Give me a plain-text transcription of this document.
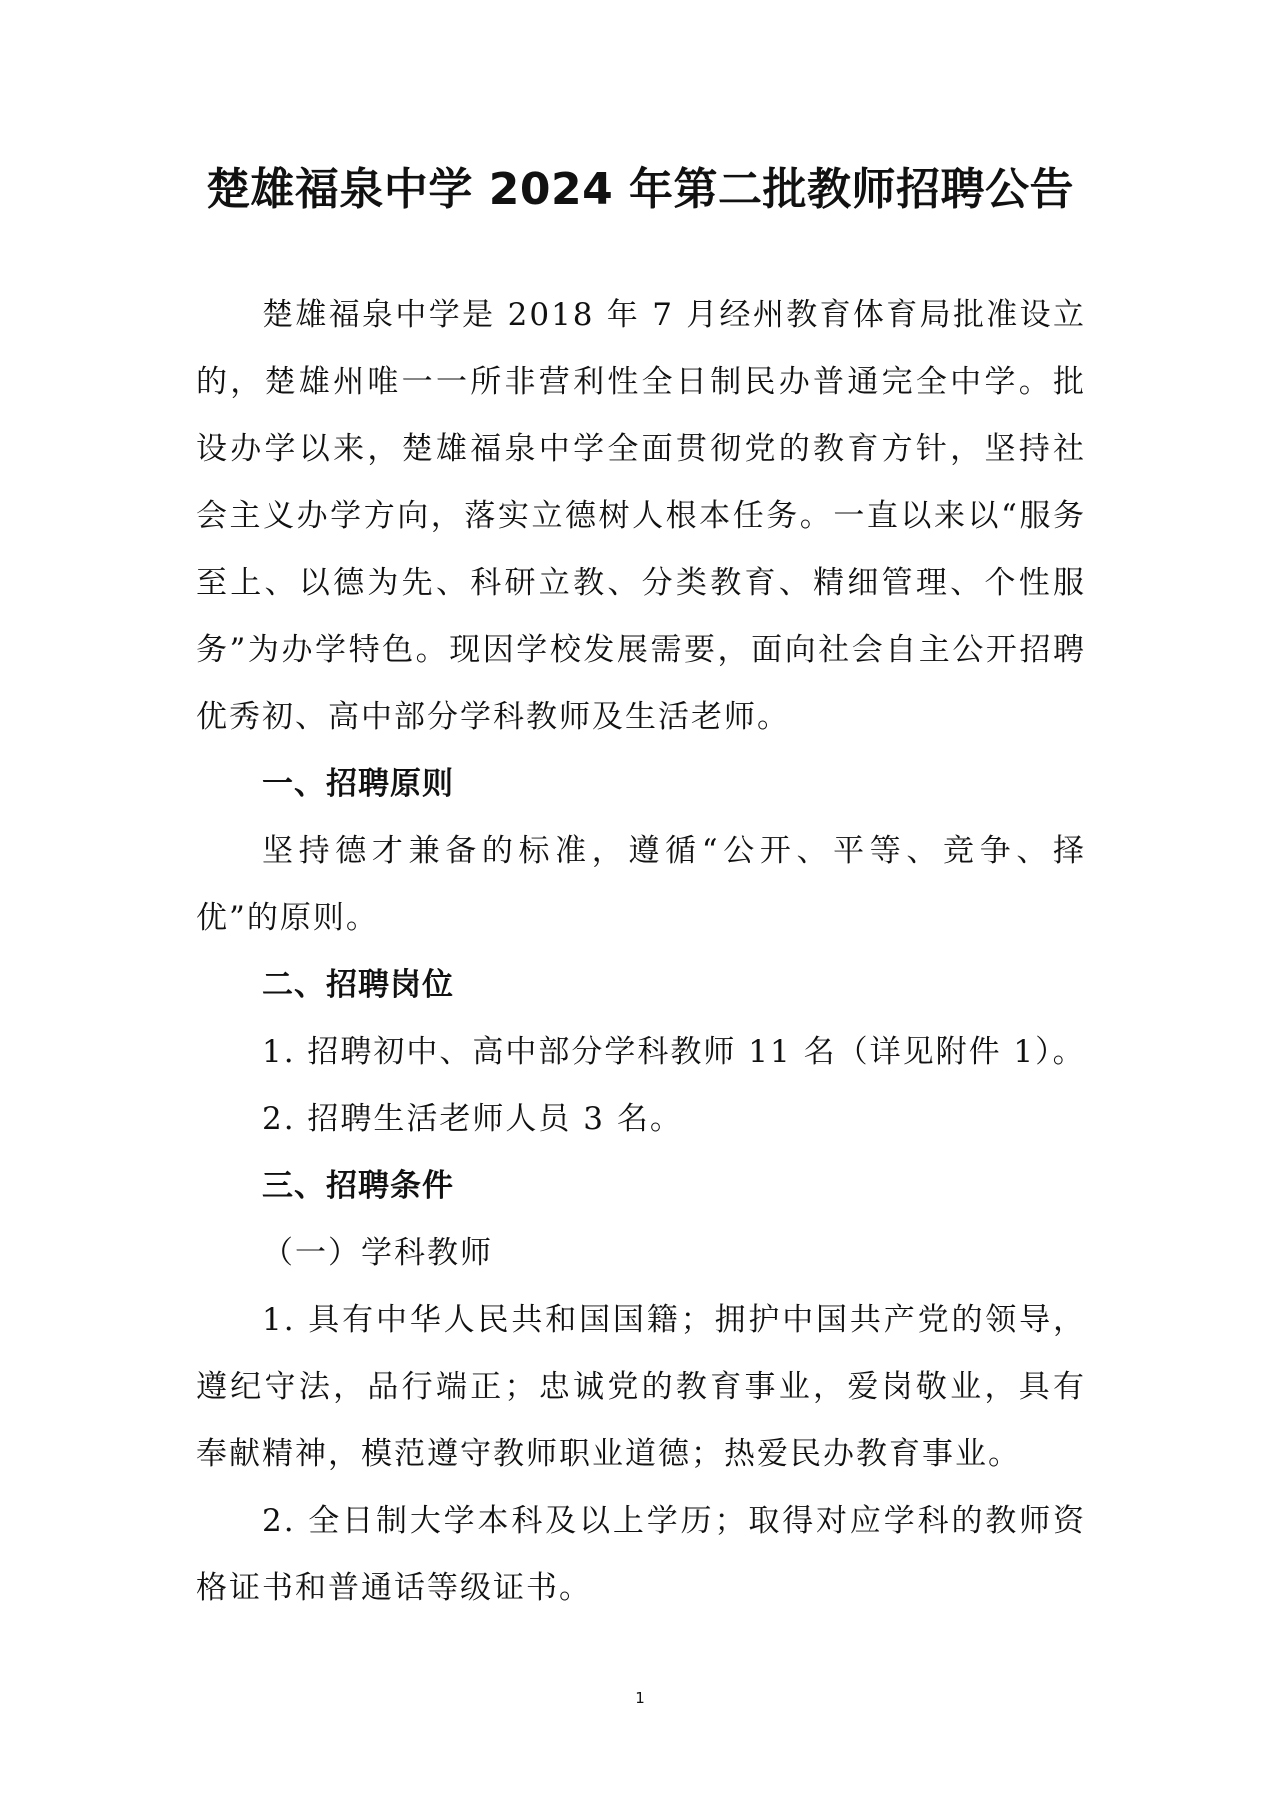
楚雄福泉中学 2024 年第二批教师招聘公告

楚雄福泉中学是 2018 年 7 月经州教育体育局批准设立的，楚雄州唯一一所非营利性全日制民办普通完全中学。批设办学以来，楚雄福泉中学全面贯彻党的教育方针，坚持社会主义办学方向，落实立德树人根本任务。一直以来以“服务至上、以德为先、科研立教、分类教育、精细管理、个性服务”为办学特色。现因学校发展需要，面向社会自主公开招聘优秀初、高中部分学科教师及生活老师。

一、招聘原则

坚持德才兼备的标准，遵循“公开、平等、竞争、择优”的原则。

二、招聘岗位

1. 招聘初中、高中部分学科教师 11 名（详见附件 1）。

2. 招聘生活老师人员 3 名。

三、招聘条件

（一）学科教师

1. 具有中华人民共和国国籍；拥护中国共产党的领导，遵纪守法，品行端正；忠诚党的教育事业，爱岗敬业，具有奉献精神，模范遵守教师职业道德；热爱民办教育事业。

2. 全日制大学本科及以上学历；取得对应学科的教师资格证书和普通话等级证书。

1
